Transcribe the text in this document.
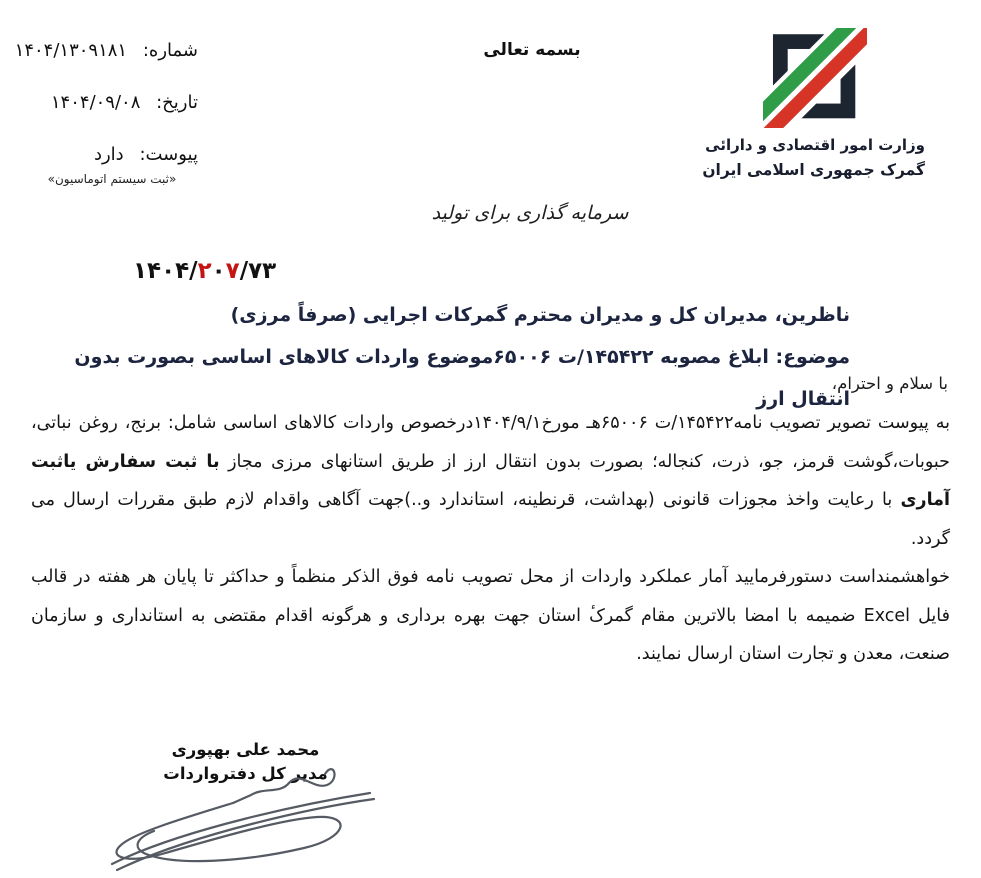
شماره: ۱۴۰۴/۱۳۰۹۱۸۱
تاریخ: ۱۴۰۴/۰۹/۰۸
پیوست: دارد
«ثبت سیستم اتوماسیون»
بسمه تعالی
وزارت امور اقتصادی و دارائی
گمرک جمهوری اسلامی ایران
سرمایه گذاری برای تولید
۱۴۰۴/۲۰۷/۷۳
ناظرین، مدیران کل و مدیران محترم گمرکات اجرایی (صرفاً مرزی)
موضوع: ابلاغ مصوبه ۱۴۵۴۲۲/ت ۶۵۰۰۶موضوع واردات کالاهای اساسی بصورت بدون انتقال ارز
با سلام و احترام،

به پیوست تصویر تصویب نامه۱۴۵۴۲۲/ت ۶۵۰۰۶هـ مورخ۱۴۰۴/۹/۱درخصوص واردات کالاهای اساسی شامل: برنج، روغن نباتی، حبوبات،گوشت قرمز، جو، ذرت، کنجاله؛ بصورت بدون انتقال ارز از طریق استانهای مرزی مجاز با ثبت سفارش یاثبت آماری با رعایت واخذ مجوزات قانونی (بهداشت، قرنطینه، استاندارد و..)جهت آگاهی واقدام لازم طبق مقررات ارسال می گردد.

خواهشمنداست دستورفرمایید آمار عملکرد واردات از محل تصویب نامه فوق الذکر منظماً و حداکثر تا پایان هر هفته در قالب فایل Excel ضمیمه با امضا بالاترین مقام گمرکٔ استان جهت بهره برداری و هرگونه اقدام مقتضی به استانداری و سازمان صنعت، معدن و تجارت استان ارسال نمایند.

محمد علی بهپوری
مدیر کل دفترواردات
